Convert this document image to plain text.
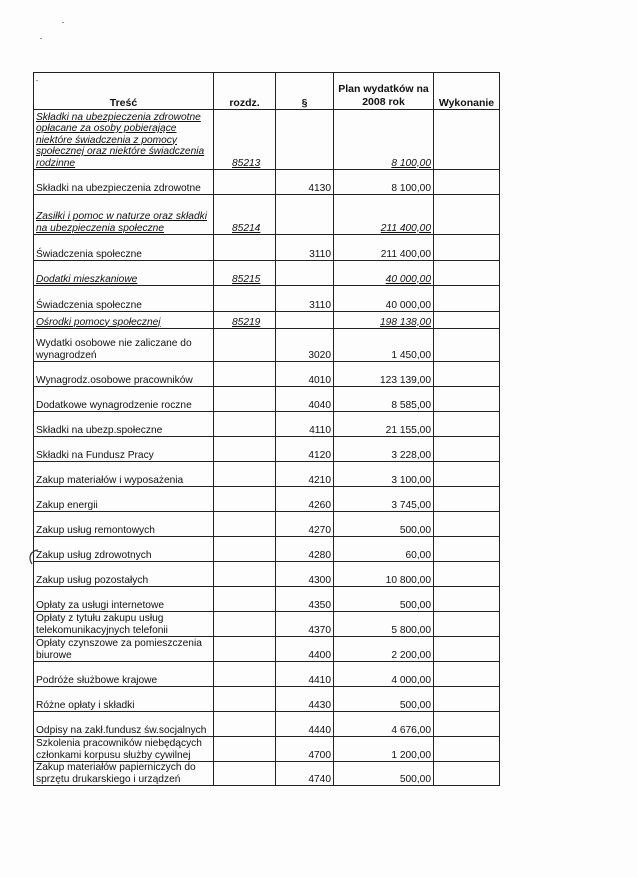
Treść	rozdz.	§	Plan wydatków na 2008 rok	Wykonanie
Składki na ubezpieczenia zdrowotne opłacane za osoby pobierające niektóre świadczenia z pomocy społecznej oraz niektóre świadczenia rodzinne	85213		8 100,00	
Składki na ubezpieczenia zdrowotne		4130	8 100,00	
Zasiłki i pomoc w naturze oraz składki na ubezpieczenia społeczne	85214		211 400,00	
Świadczenia społeczne		3110	211 400,00	
Dodatki mieszkaniowe	85215		40 000,00	
Świadczenia społeczne		3110	40 000,00	
Ośrodki pomocy społecznej	85219		198 138,00	
Wydatki osobowe nie zaliczane do wynagrodzeń		3020	1 450,00	
Wynagrodz.osobowe pracowników		4010	123 139,00	
Dodatkowe wynagrodzenie roczne		4040	8 585,00	
Składki na ubezp.społeczne		4110	21 155,00	
Składki na Fundusz Pracy		4120	3 228,00	
Zakup materiałów i wyposażenia		4210	3 100,00	
Zakup energii		4260	3 745,00	
Zakup usług remontowych		4270	500,00	
Zakup usług zdrowotnych		4280	60,00	
Zakup usług pozostałych		4300	10 800,00	
Opłaty za usługi internetowe		4350	500,00	
Opłaty z tytułu zakupu usług telekomunikacyjnych telefonii		4370	5 800,00	
Opłaty czynszowe za pomieszczenia biurowe		4400	2 200,00	
Podróże służbowe krajowe		4410	4 000,00	
Różne opłaty i składki		4430	500,00	
Odpisy na zakł.fundusz św.socjalnych		4440	4 676,00	
Szkolenia pracowników niebędących członkami korpusu służby cywilnej		4700	1 200,00	
Zakup materiałów papierniczych do sprzętu drukarskiego i urządzeń		4740	500,00	
